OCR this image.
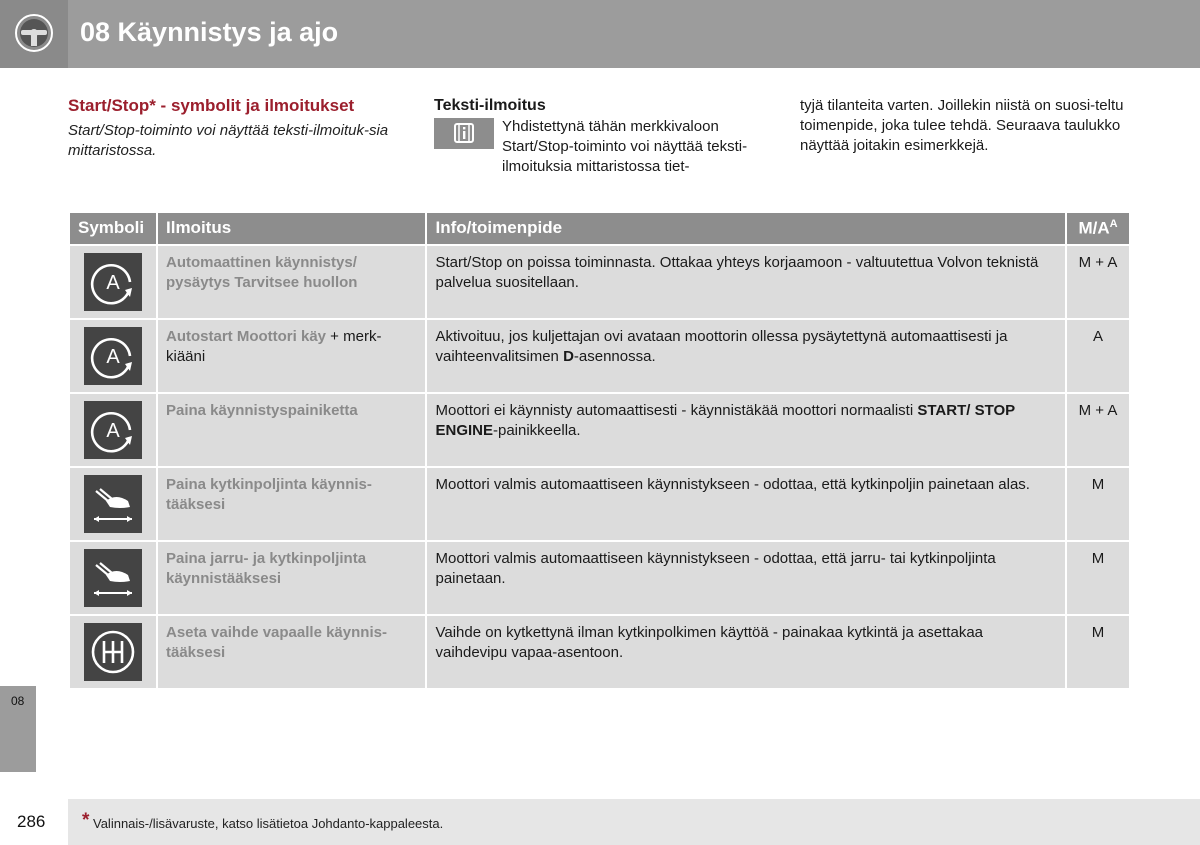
08 Käynnistys ja ajo
Start/Stop* - symbolit ja ilmoitukset
Start/Stop-toiminto voi näyttää teksti-ilmoituk-sia mittaristossa.
Teksti-ilmoitus
Yhdistettynä tähän merkkivaloon Start/Stop-toiminto voi näyttää teksti-ilmoituksia mittaristossa tiet-
tyjä tilanteita varten. Joillekin niistä on suosi-teltu toimenpide, joka tulee tehdä. Seuraava taulukko näyttää joitakin esimerkkejä.
Symboli	Ilmoitus	Info/toimenpide	$M/A^A$

A	Automaattinen käynnistys/ pysäytys Tarvitsee huollon	Start/Stop on poissa toiminnasta. Ottakaa yhteys korjaamoon - valtuutettua Volvon teknistä palvelua suositellaan.	M + A

A	Autostart Moottori käy + merk-kiääni	Aktivoituu, jos kuljettajan ovi avataan moottorin ollessa pysäytettynä automaattisesti ja vaihteenvalitsimen D-asennossa.	A

A	Paina käynnistyspainiketta	Moottori ei käynnisty automaattisesti - käynnistäkää moottori normaalisti START/ STOP ENGINE-painikkeella.	M + A

	Paina kytkinpoljinta käynnis-tääksesi	Moottori valmis automaattiseen käynnistykseen - odottaa, että kytkinpoljin painetaan alas.	M

	Paina jarru- ja kytkinpoljinta käynnistääksesi	Moottori valmis automaattiseen käynnistykseen - odottaa, että jarru- tai kytkinpoljinta painetaan.	M

	Aseta vaihde vapaalle käynnis-tääksesi	Vaihde on kytkettynä ilman kytkinpolkimen käyttöä - painakaa kytkintä ja asettakaa vaihdevipu vapaa-asentoon.	M
08
286 * Valinnais-/lisävaruste, katso lisätietoa Johdanto-kappaleesta.
